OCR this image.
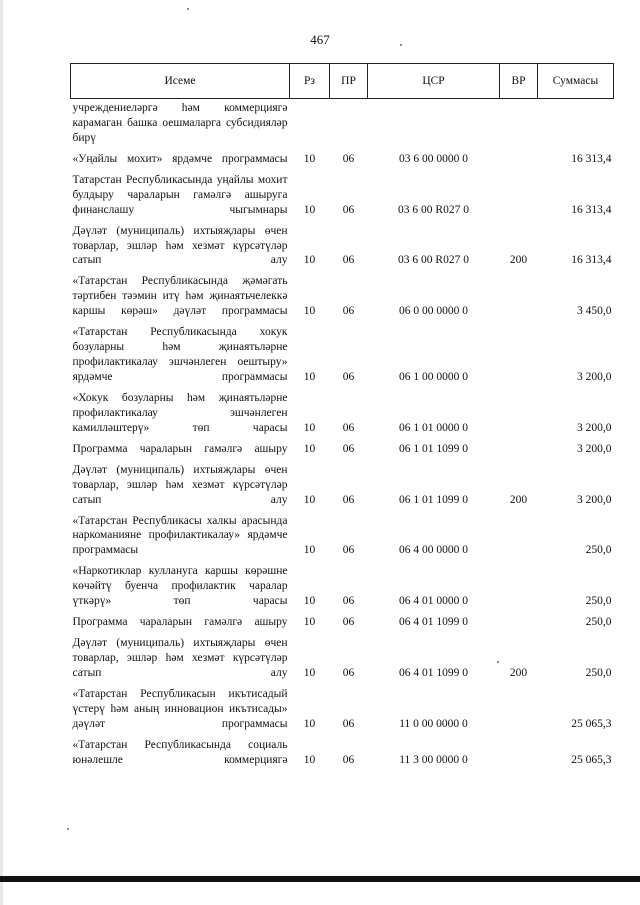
467
Исеме	Рз	ПР	ЦСР	ВР	Суммасы
учреждениеләргә һәм коммерциягә карамаган башка оешмаларга субсидияләр бирү					
«Уңайлы мохит» ярдәмче программасы	10	06	03 6 00 0000 0		16 313,4
Татарстан Республикасында уңайлы мохит булдыру чараларын гамәлгә ашыруга финанслашу чыгымнары	10	06	03 6 00 R027 0		16 313,4
Дәүләт (муниципаль) ихтыяҗлары өчен товарлар, эшләр һәм хезмәт күрсәтүләр сатып алу	10	06	03 6 00 R027 0	200	16 313,4
«Татарстан Республикасында җәмәгать тәртибен тәэмин итү һәм җинаятьчелеккә каршы көрәш» дәүләт программасы	10	06	06 0 00 0000 0		3 450,0
«Татарстан Республикасында хокук бозуларны һәм җинаятьләрне профилактикалау эшчәнлеген оештыру» ярдәмче программасы	10	06	06 1 00 0000 0		3 200,0
«Хокук бозуларны һәм җинаятьләрне профилактикалау эшчәнлеген камилләштерү» төп чарасы	10	06	06 1 01 0000 0		3 200,0
Программа чараларын гамәлгә ашыру	10	06	06 1 01 1099 0		3 200,0
Дәүләт (муниципаль) ихтыяҗлары өчен товарлар, эшләр һәм хезмәт күрсәтүләр сатып алу	10	06	06 1 01 1099 0	200	3 200,0
«Татарстан Республикасы халкы арасында наркоманияне профилактикалау» ярдәмче программасы	10	06	06 4 00 0000 0		250,0
«Наркотиклар куллануга каршы көрәшне көчәйтү буенча профилактик чаралар үткәрү» төп чарасы	10	06	06 4 01 0000 0		250,0
Программа чараларын гамәлгә ашыру	10	06	06 4 01 1099 0		250,0
Дәүләт (муниципаль) ихтыяҗлары өчен товарлар, эшләр һәм хезмәт күрсәтүләр сатып алу	10	06	06 4 01 1099 0	200	250,0
«Татарстан Республикасын икътисадый үстерү һәм аның инновацион икътисады» дәүләт программасы	10	06	11 0 00 0000 0		25 065,3
«Татарстан Республикасында социаль юнәлешле коммерциягә	10	06	11 3 00 0000 0		25 065,3
